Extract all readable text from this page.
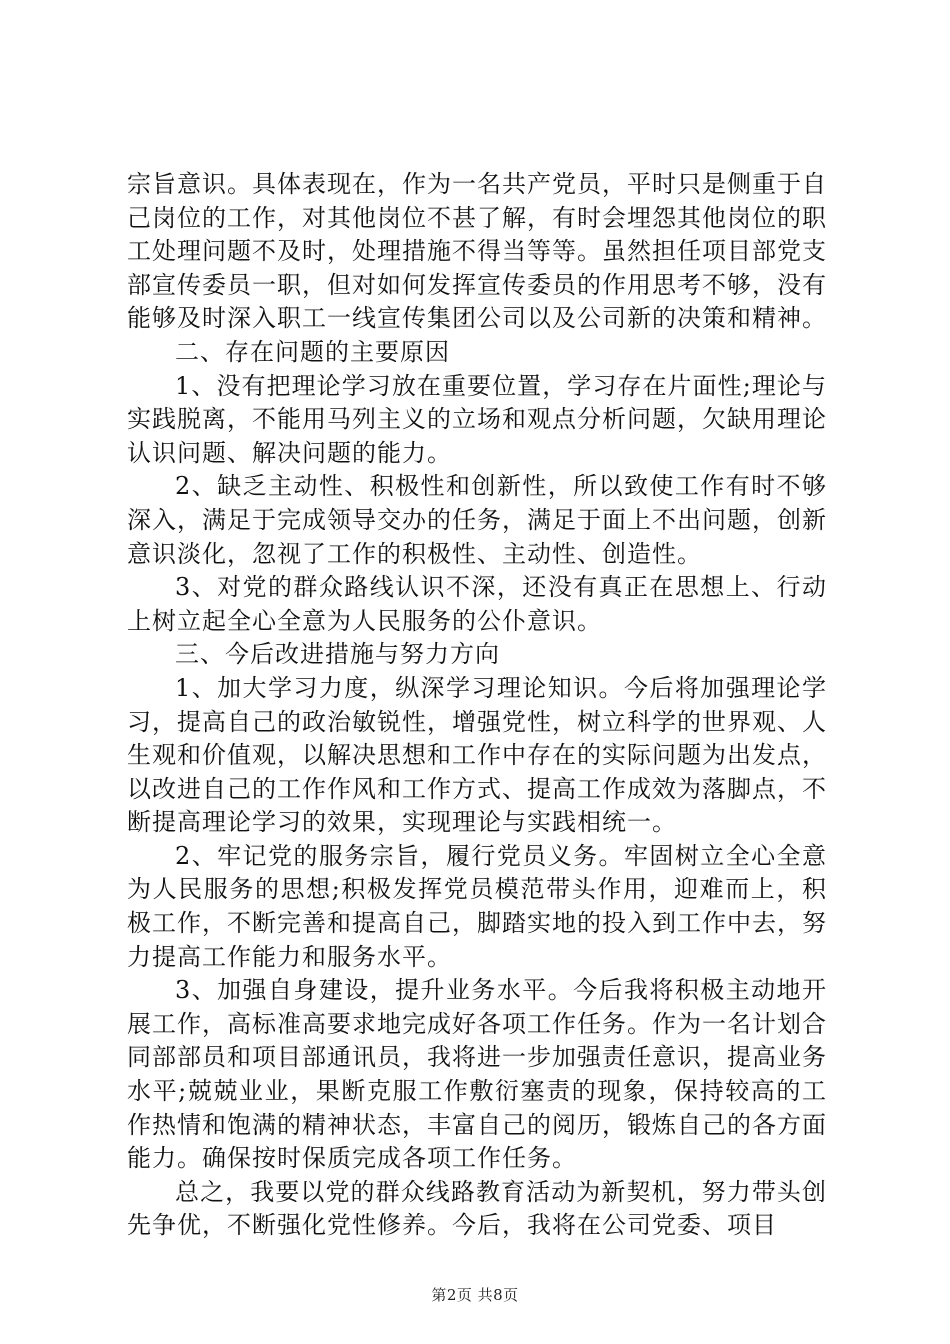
宗旨意识。具体表现在，作为一名共产党员，平时只是侧重于自己岗位的工作，对其他岗位不甚了解，有时会埋怨其他岗位的职工处理问题不及时，处理措施不得当等等。虽然担任项目部党支部宣传委员一职，但对如何发挥宣传委员的作用思考不够，没有能够及时深入职工一线宣传集团公司以及公司新的决策和精神。

二、存在问题的主要原因

1、没有把理论学习放在重要位置，学习存在片面性;理论与实践脱离，不能用马列主义的立场和观点分析问题，欠缺用理论认识问题、解决问题的能力。

2、缺乏主动性、积极性和创新性，所以致使工作有时不够深入，满足于完成领导交办的任务，满足于面上不出问题，创新意识淡化，忽视了工作的积极性、主动性、创造性。

3、对党的群众路线认识不深，还没有真正在思想上、行动上树立起全心全意为人民服务的公仆意识。

三、今后改进措施与努力方向

1、加大学习力度，纵深学习理论知识。今后将加强理论学习，提高自己的政治敏锐性，增强党性，树立科学的世界观、人生观和价值观，以解决思想和工作中存在的实际问题为出发点，以改进自己的工作作风和工作方式、提高工作成效为落脚点，不断提高理论学习的效果，实现理论与实践相统一。

2、牢记党的服务宗旨，履行党员义务。牢固树立全心全意为人民服务的思想;积极发挥党员模范带头作用，迎难而上，积极工作，不断完善和提高自己，脚踏实地的投入到工作中去，努力提高工作能力和服务水平。

3、加强自身建设，提升业务水平。今后我将积极主动地开展工作，高标准高要求地完成好各项工作任务。作为一名计划合同部部员和项目部通讯员，我将进一步加强责任意识，提高业务水平;兢兢业业，果断克服工作敷衍塞责的现象，保持较高的工作热情和饱满的精神状态，丰富自己的阅历，锻炼自己的各方面能力。确保按时保质完成各项工作任务。

总之，我要以党的群众线路教育活动为新契机，努力带头创先争优，不断强化党性修养。今后，我将在公司党委、项目

第2页 共8页
